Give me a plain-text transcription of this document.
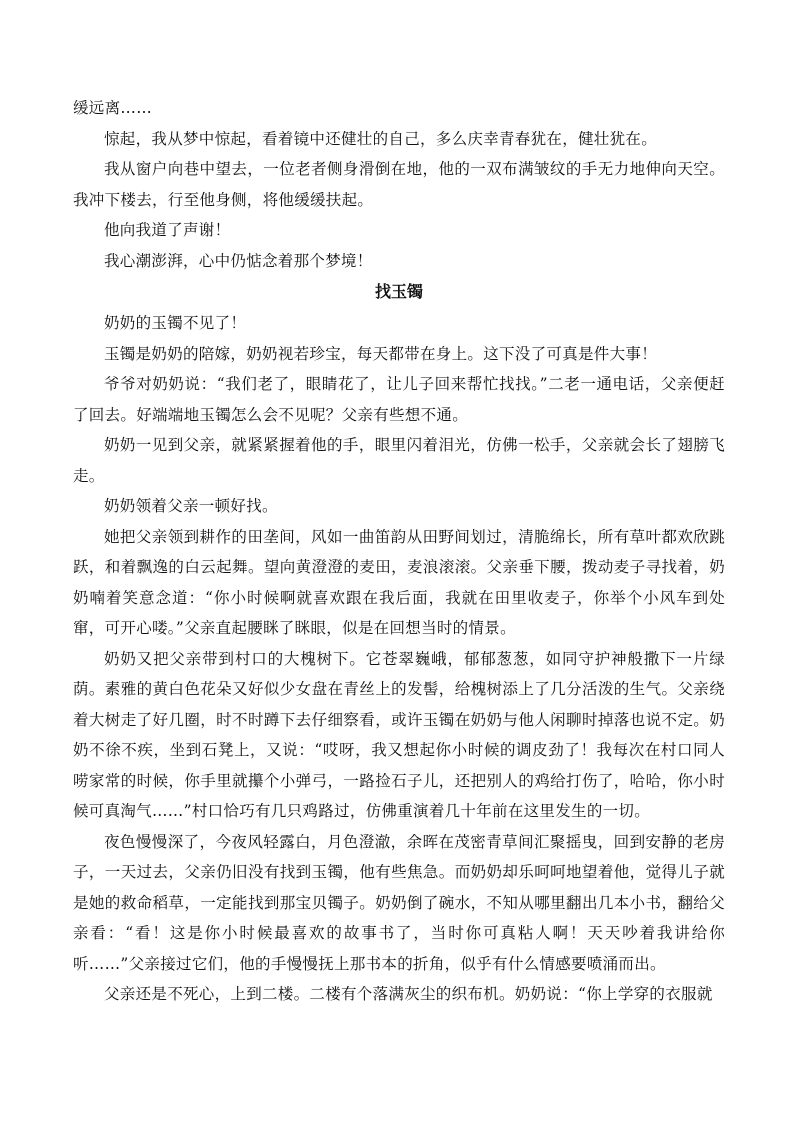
缓远离……

惊起，我从梦中惊起，看着镜中还健壮的自己，多么庆幸青春犹在，健壮犹在。

我从窗户向巷中望去，一位老者侧身滑倒在地，他的一双布满皱纹的手无力地伸向天空。我冲下楼去，行至他身侧，将他缓缓扶起。

他向我道了声谢！

我心潮澎湃，心中仍惦念着那个梦境！

找玉镯

奶奶的玉镯不见了！

玉镯是奶奶的陪嫁，奶奶视若珍宝，每天都带在身上。这下没了可真是件大事！

爷爷对奶奶说：“我们老了，眼睛花了，让儿子回来帮忙找找。”二老一通电话，父亲便赶了回去。好端端地玉镯怎么会不见呢？父亲有些想不通。

奶奶一见到父亲，就紧紧握着他的手，眼里闪着泪光，仿佛一松手，父亲就会长了翅膀飞走。

奶奶领着父亲一顿好找。

她把父亲领到耕作的田垄间，风如一曲笛韵从田野间划过，清脆绵长，所有草叶都欢欣跳跃，和着飘逸的白云起舞。望向黄澄澄的麦田，麦浪滚滚。父亲垂下腰，拨动麦子寻找着，奶奶喃着笑意念道：“你小时候啊就喜欢跟在我后面，我就在田里收麦子，你举个小风车到处窜，可开心喽。”父亲直起腰眯了眯眼，似是在回想当时的情景。

奶奶又把父亲带到村口的大槐树下。它苍翠巍峨，郁郁葱葱，如同守护神般撒下一片绿荫。素雅的黄白色花朵又好似少女盘在青丝上的发髻，给槐树添上了几分活泼的生气。父亲绕着大树走了好几圈，时不时蹲下去仔细察看，或许玉镯在奶奶与他人闲聊时掉落也说不定。奶奶不徐不疾，坐到石凳上，又说：“哎呀，我又想起你小时候的调皮劲了！我每次在村口同人唠家常的时候，你手里就攥个小弹弓，一路捡石子儿，还把别人的鸡给打伤了，哈哈，你小时候可真淘气……”村口恰巧有几只鸡路过，仿佛重演着几十年前在这里发生的一切。

夜色慢慢深了，今夜风轻露白，月色澄澈，余晖在茂密青草间汇聚摇曳，回到安静的老房子，一天过去，父亲仍旧没有找到玉镯，他有些焦急。而奶奶却乐呵呵地望着他，觉得儿子就是她的救命稻草，一定能找到那宝贝镯子。奶奶倒了碗水，不知从哪里翻出几本小书，翻给父亲看：“看！这是你小时候最喜欢的故事书了，当时你可真粘人啊！天天吵着我讲给你听……”父亲接过它们，他的手慢慢抚上那书本的折角，似乎有什么情感要喷涌而出。

父亲还是不死心，上到二楼。二楼有个落满灰尘的织布机。奶奶说：“你上学穿的衣服就
